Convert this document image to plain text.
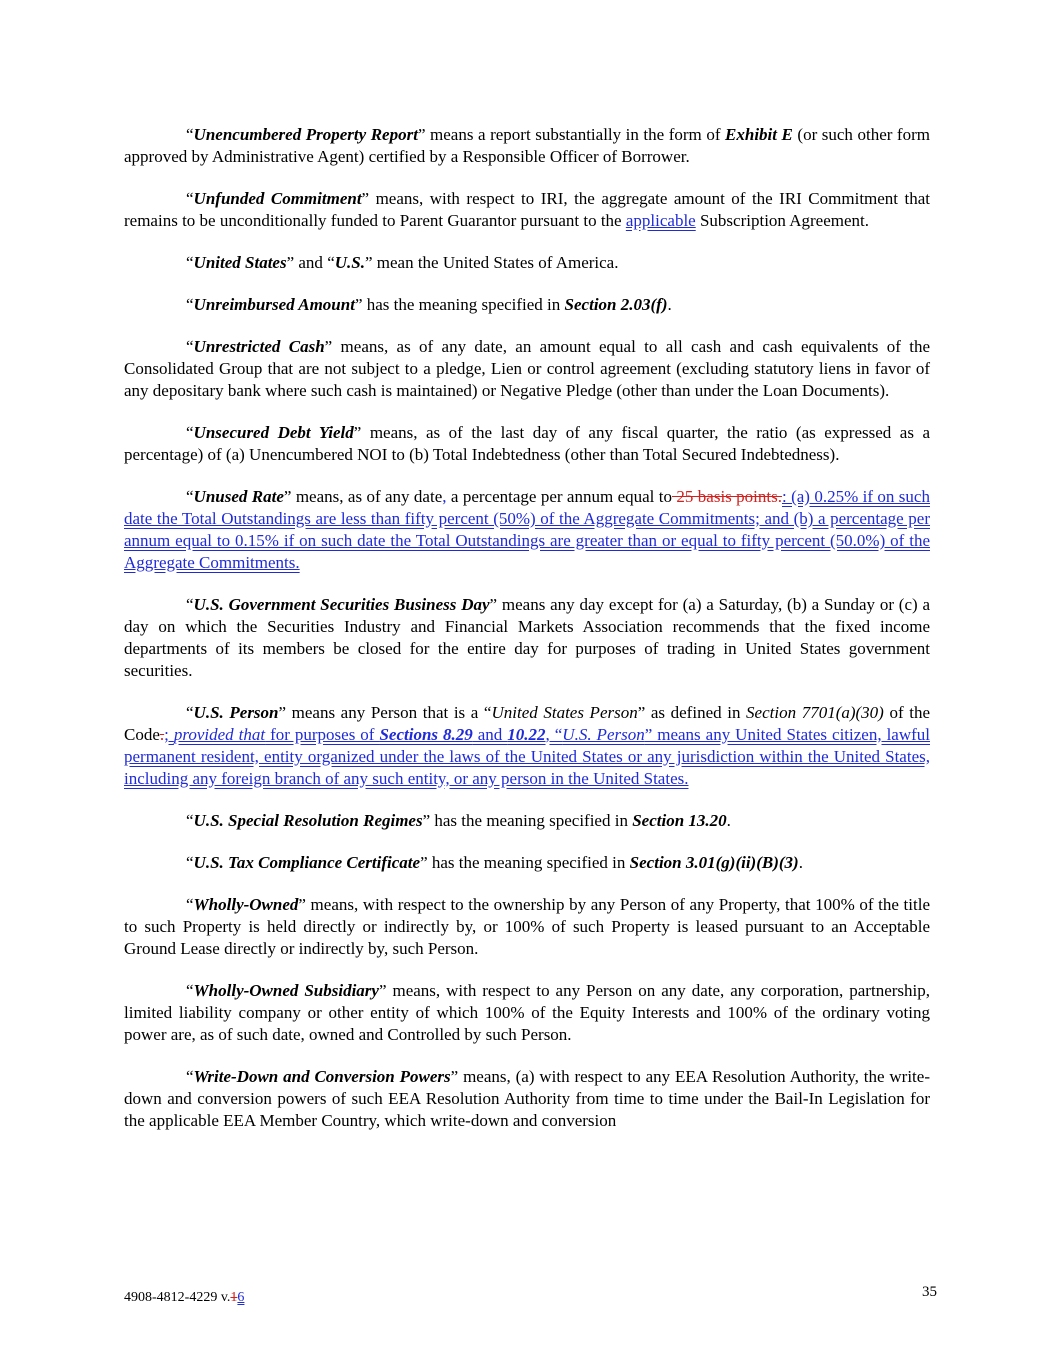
“Unencumbered Property Report” means a report substantially in the form of Exhibit E (or such other form approved by Administrative Agent) certified by a Responsible Officer of Borrower.

“Unfunded Commitment” means, with respect to IRI, the aggregate amount of the IRI Commitment that remains to be unconditionally funded to Parent Guarantor pursuant to the applicable Subscription Agreement.

“United States” and “U.S.” mean the United States of America.

“Unreimbursed Amount” has the meaning specified in Section 2.03(f).

“Unrestricted Cash” means, as of any date, an amount equal to all cash and cash equivalents of the Consolidated Group that are not subject to a pledge, Lien or control agreement (excluding statutory liens in favor of any depositary bank where such cash is maintained) or Negative Pledge (other than under the Loan Documents).

“Unsecured Debt Yield” means, as of the last day of any fiscal quarter, the ratio (as expressed as a percentage) of (a) Unencumbered NOI to (b) Total Indebtedness (other than Total Secured Indebtedness).

“Unused Rate” means, as of any date, a percentage per annum equal to 25 basis points.: (a) 0.25% if on such date the Total Outstandings are less than fifty percent (50%) of the Aggregate Commitments; and (b) a percentage per annum equal to 0.15% if on such date the Total Outstandings are greater than or equal to fifty percent (50.0%) of the Aggregate Commitments.

“U.S. Government Securities Business Day” means any day except for (a) a Saturday, (b) a Sunday or (c) a day on which the Securities Industry and Financial Markets Association recommends that the fixed income departments of its members be closed for the entire day for purposes of trading in United States government securities.

“U.S. Person” means any Person that is a “United States Person” as defined in Section 7701(a)(30) of the Code.; provided that for purposes of Sections 8.29 and 10.22, “U.S. Person” means any United States citizen, lawful permanent resident, entity organized under the laws of the United States or any jurisdiction within the United States, including any foreign branch of any such entity, or any person in the United States.

“U.S. Special Resolution Regimes” has the meaning specified in Section 13.20.

“U.S. Tax Compliance Certificate” has the meaning specified in Section 3.01(g)(ii)(B)(3).

“Wholly-Owned” means, with respect to the ownership by any Person of any Property, that 100% of the title to such Property is held directly or indirectly by, or 100% of such Property is leased pursuant to an Acceptable Ground Lease directly or indirectly by, such Person.

“Wholly-Owned Subsidiary” means, with respect to any Person on any date, any corporation, partnership, limited liability company or other entity of which 100% of the Equity Interests and 100% of the ordinary voting power are, as of such date, owned and Controlled by such Person.

“Write-Down and Conversion Powers” means, (a) with respect to any EEA Resolution Authority, the write-down and conversion powers of such EEA Resolution Authority from time to time under the Bail-In Legislation for the applicable EEA Member Country, which write-down and conversion

4908-4812-4229 v.16	35
